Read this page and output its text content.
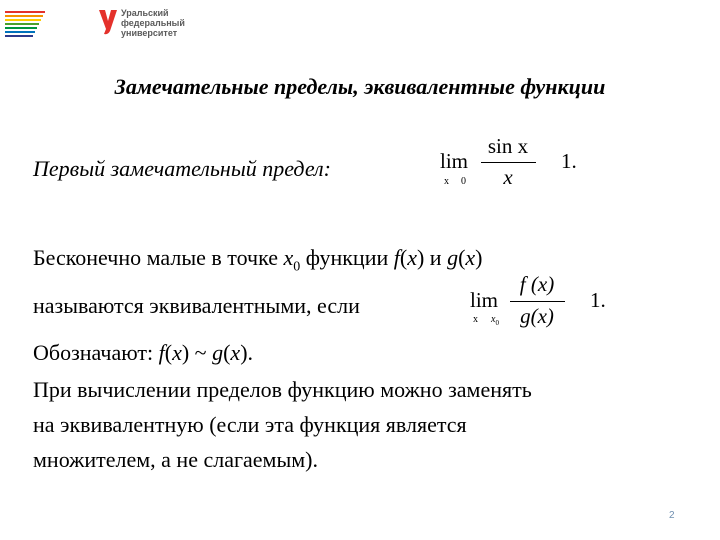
Уральский
федеральный
университет
Замечательные пределы, эквивалентные функции
Первый замечательный предел:	lim
x 0
sin x
x
1.
Бесконечно малые в точке $x_0$ функции f(x) и g(x)
называются эквивалентными, если	lim
x $x_0$
f (x)
g(x)
1.
Обозначают: f(x) ~ g(x).
При вычислении пределов функцию можно заменять
на эквивалентную (если эта функция является
множителем, а не слагаемым).
2
